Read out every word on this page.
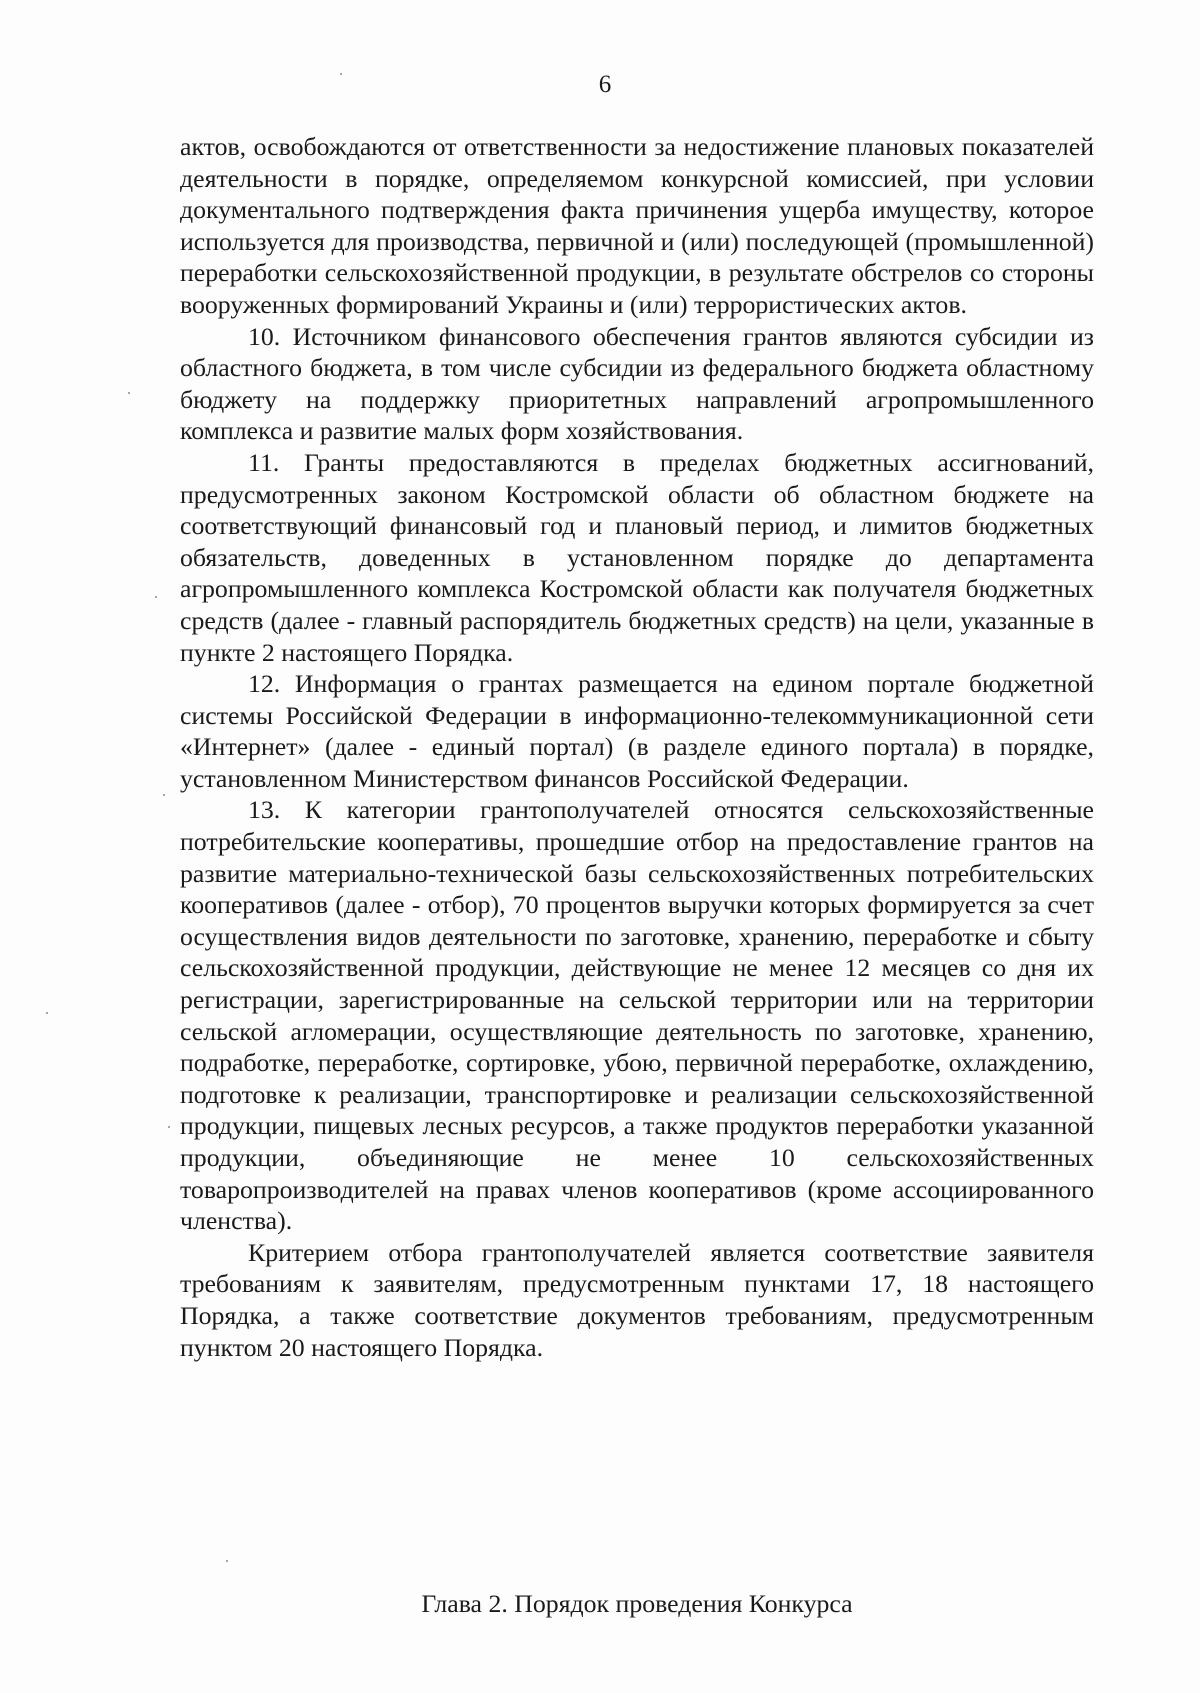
6

актов, освобождаются от ответственности за недостижение плановых показателей деятельности в порядке, определяемом конкурсной комиссией, при условии документального подтверждения факта причинения ущерба имуществу, которое используется для производства, первичной и (или) последующей (промышленной) переработки сельскохозяйственной продукции, в результате обстрелов со стороны вооруженных формирований Украины и (или) террористических актов.

10. Источником финансового обеспечения грантов являются субсидии из областного бюджета, в том числе субсидии из федерального бюджета областному бюджету на поддержку приоритетных направлений агропромышленного комплекса и развитие малых форм хозяйствования.

11. Гранты предоставляются в пределах бюджетных ассигнований, предусмотренных законом Костромской области об областном бюджете на соответствующий финансовый год и плановый период, и лимитов бюджетных обязательств, доведенных в установленном порядке до департамента агропромышленного комплекса Костромской области как получателя бюджетных средств (далее - главный распорядитель бюджетных средств) на цели, указанные в пункте 2 настоящего Порядка.

12. Информация о грантах размещается на едином портале бюджетной системы Российской Федерации в информационно-телекоммуникационной сети «Интернет» (далее - единый портал) (в разделе единого портала) в порядке, установленном Министерством финансов Российской Федерации.

13. К категории грантополучателей относятся сельскохозяйственные потребительские кооперативы, прошедшие отбор на предоставление грантов на развитие материально-технической базы сельскохозяйственных потребительских кооперативов (далее - отбор), 70 процентов выручки которых формируется за счет осуществления видов деятельности по заготовке, хранению, переработке и сбыту сельскохозяйственной продукции, действующие не менее 12 месяцев со дня их регистрации, зарегистрированные на сельской территории или на территории сельской агломерации, осуществляющие деятельность по заготовке, хранению, подработке, переработке, сортировке, убою, первичной переработке, охлаждению, подготовке к реализации, транспортировке и реализации сельскохозяйственной продукции, пищевых лесных ресурсов, а также продуктов переработки указанной продукции, объединяющие не менее 10 сельскохозяйственных товаропроизводителей на правах членов кооперативов (кроме ассоциированного членства).

Критерием отбора грантополучателей является соответствие заявителя требованиям к заявителям, предусмотренным пунктами 17, 18 настоящего Порядка, а также соответствие документов требованиям, предусмотренным пунктом 20 настоящего Порядка.

Глава 2. Порядок проведения Конкурса
